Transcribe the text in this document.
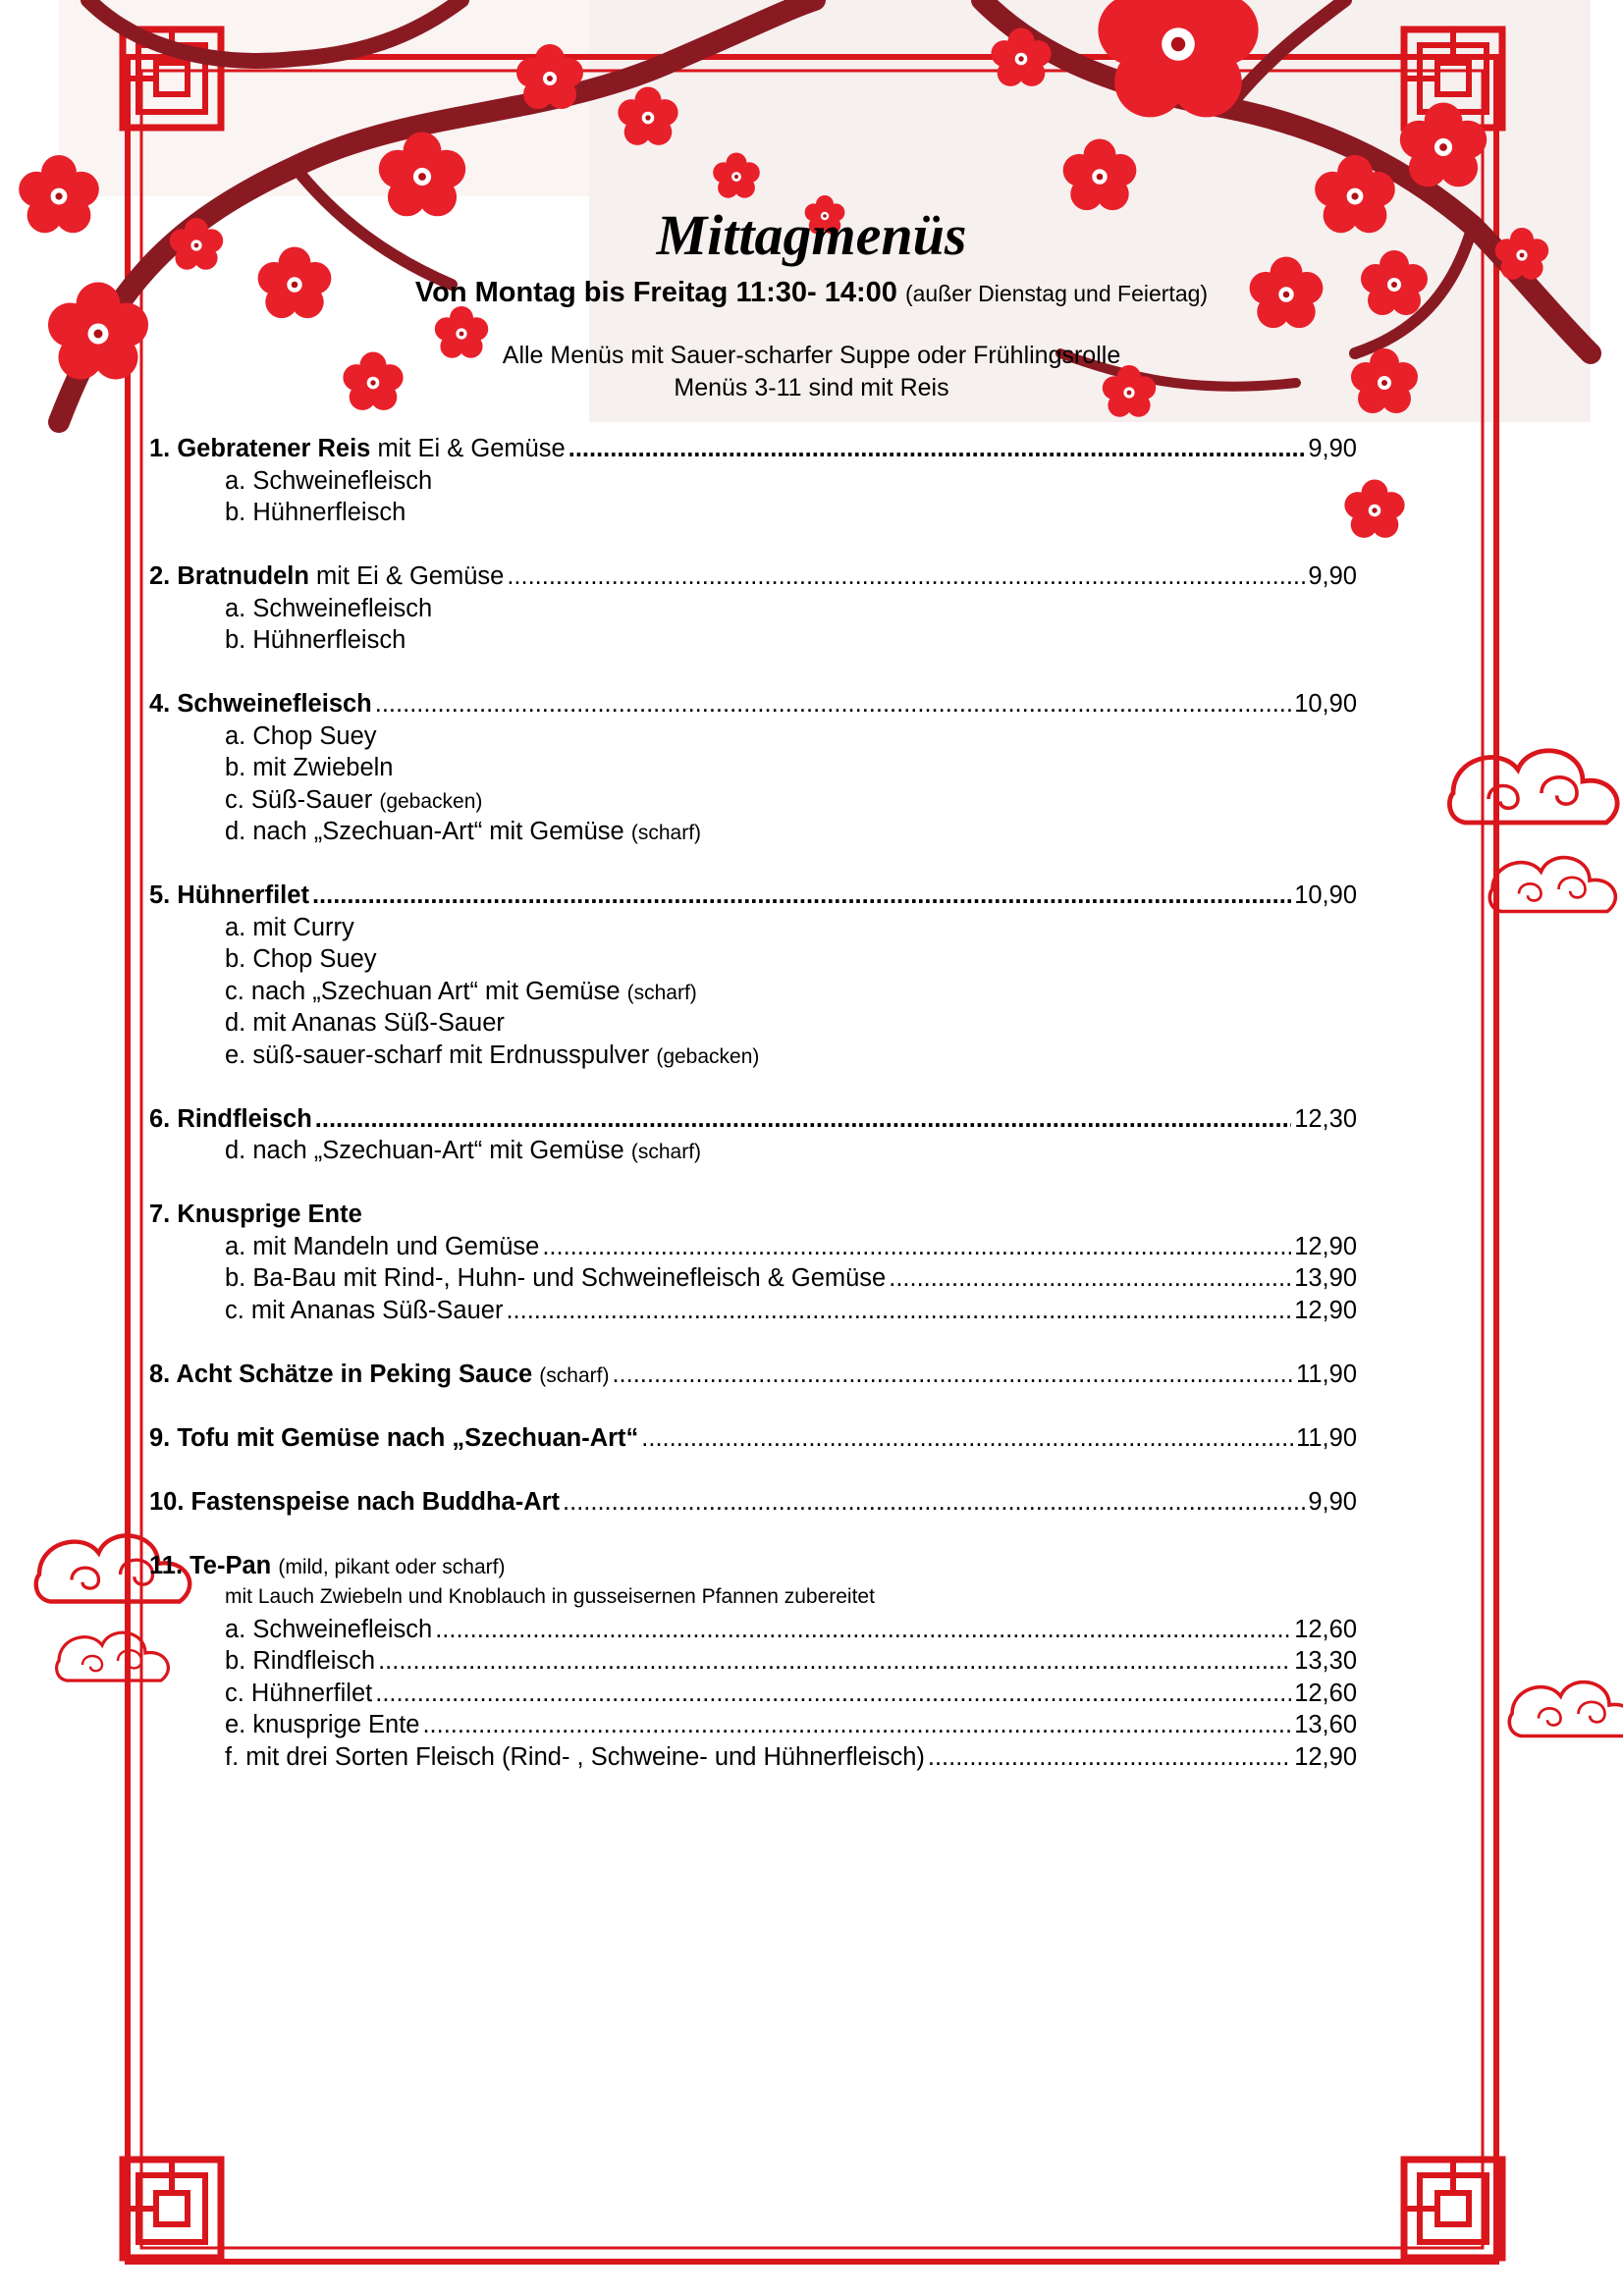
Mittagmenüs
Von Montag bis Freitag 11:30- 14:00 (außer Dienstag und Feiertag)
Alle Menüs mit Sauer-scharfer Suppe oder Frühlingsrolle
Menüs 3-11 sind mit Reis
1. Gebratener Reis mit Ei & Gemüse .....	9,90
a. Schweinefleisch
b. Hühnerfleisch
2. Bratnudeln mit Ei & Gemüse .....	9,90
a. Schweinefleisch
b. Hühnerfleisch
4. Schweinefleisch .....	10,90
a. Chop Suey
b. mit Zwiebeln
c. Süß-Sauer
(gebacken)
d. nach „Szechuan-Art“ mit Gemüse
(scharf)
5. Hühnerfilet .....	10,90
a. mit Curry
b. Chop Suey
c. nach „Szechuan Art“ mit Gemüse
(scharf)
d. mit Ananas Süß-Sauer
e. süß-sauer-scharf mit Erdnusspulver
(gebacken)
6. Rindfleisch .....	12,30
d. nach „Szechuan-Art“ mit Gemüse
(scharf)
7. Knusprige Ente
a. mit Mandeln und Gemüse .....	12,90
b. Ba-Bau mit Rind-, Huhn- und Schweinefleisch & Gemüse .....	13,90
c. mit Ananas Süß-Sauer .....	12,90
8. Acht Schätze in Peking Sauce (scharf) .....	11,90
9. Tofu mit Gemüse nach „Szechuan-Art“ .....	11,90
10. Fastenspeise nach Buddha-Art .....	9,90
11. Te-Pan (mild, pikant oder scharf)
mit Lauch Zwiebeln und Knoblauch in gusseisernen Pfannen zubereitet
a. Schweinefleisch .....	12,60
b. Rindfleisch .....	13,30
c. Hühnerfilet .....	12,60
e. knusprige Ente .....	13,60
f. mit drei Sorten Fleisch (Rind- , Schweine- und Hühnerfleisch) .....	12,90
